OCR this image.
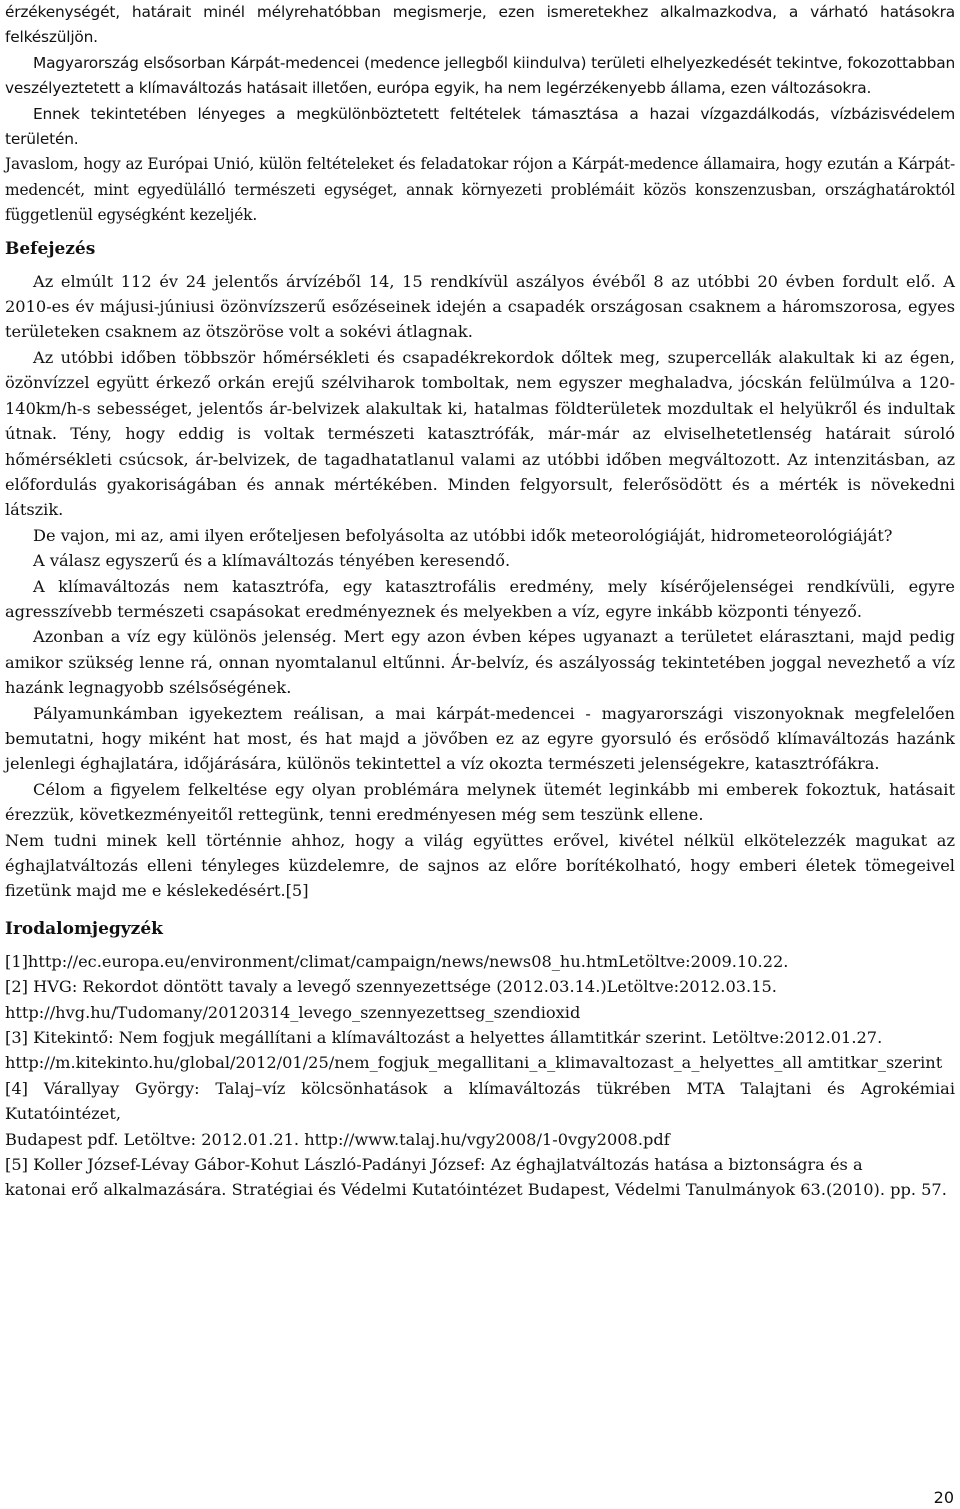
érzékenységét, határait minél mélyrehatóbban megismerje, ezen ismeretekhez alkalmazkodva, a várható hatásokra felkészüljön.

Magyarország elsősorban Kárpát-medencei (medence jellegből kiindulva) területi elhelyezkedését tekintve, fokozottabban veszélyeztetett a klímaváltozás hatásait illetően, európa egyik, ha nem legérzékenyebb állama, ezen változásokra.

Ennek tekintetében lényeges a megkülönböztetett feltételek támasztása a hazai vízgazdálkodás, vízbázisvédelem területén.

Javaslom, hogy az Európai Unió, külön feltételeket és feladatokar rójon a Kárpát-medence államaira, hogy ezután a Kárpát-medencét, mint egyedülálló természeti egységet, annak környezeti problémáit közös konszenzusban, országhatároktól függetlenül egységként kezeljék.

Befejezés

Az elmúlt 112 év 24 jelentős árvízéből 14, 15 rendkívül aszályos évéből 8 az utóbbi 20 évben fordult elő. A 2010-es év májusi-júniusi özönvízszerű esőzéseinek idején a csapadék országosan csaknem a háromszorosa, egyes területeken csaknem az ötszöröse volt a sokévi átlagnak.

Az utóbbi időben többször hőmérsékleti és csapadékrekordok dőltek meg, szupercellák alakultak ki az égen, özönvízzel együtt érkező orkán erejű szélviharok tomboltak, nem egyszer meghaladva, jócskán felülmúlva a 120-140km/h-s sebességet, jelentős ár-belvizek alakultak ki, hatalmas földterületek mozdultak el helyükről és indultak útnak. Tény, hogy eddig is voltak természeti katasztrófák, már-már az elviselhetetlenség határait súroló hőmérsékleti csúcsok, ár-belvizek, de tagadhatatlanul valami az utóbbi időben megváltozott. Az intenzitásban, az előfordulás gyakoriságában és annak mértékében. Minden felgyorsult, felerősödött és a mérték is növekedni látszik.

De vajon, mi az, ami ilyen erőteljesen befolyásolta az utóbbi idők meteorológiáját, hidrometeorológiáját?

A válasz egyszerű és a klímaváltozás tényében keresendő.

A klímaváltozás nem katasztrófa, egy katasztrofális eredmény, mely kísérőjelenségei rendkívüli, egyre agresszívebb természeti csapásokat eredményeznek és melyekben a víz, egyre inkább központi tényező.

Azonban a víz egy különös jelenség. Mert egy azon évben képes ugyanazt a területet elárasztani, majd pedig amikor szükség lenne rá, onnan nyomtalanul eltűnni. Ár-belvíz, és aszályosság tekintetében joggal nevezhető a víz hazánk legnagyobb szélsőségének.

Pályamunkámban igyekeztem reálisan, a mai kárpát-medencei - magyarországi viszonyoknak megfelelően bemutatni, hogy miként hat most, és hat majd a jövőben ez az egyre gyorsuló és erősödő klímaváltozás hazánk jelenlegi éghajlatára, időjárására, különös tekintettel a víz okozta természeti jelenségekre, katasztrófákra.

Célom a figyelem felkeltése egy olyan problémára melynek ütemét leginkább mi emberek fokoztuk, hatásait érezzük, következményeitől rettegünk, tenni eredményesen még sem teszünk ellene.

Nem tudni minek kell történnie ahhoz, hogy a világ együttes erővel, kivétel nélkül elkötelezzék magukat az éghajlatváltozás elleni tényleges küzdelemre, de sajnos az előre borítékolható, hogy emberi életek tömegeivel fizetünk majd me e késlekedésért.[5]

Irodalomjegyzék

[1]http://ec.europa.eu/environment/climat/campaign/news/news08_hu.htmLetöltve:2009.10.22.

[2] HVG: Rekordot döntött tavaly a levegő szennyezettsége (2012.03.14.)Letöltve:2012.03.15.

http://hvg.hu/Tudomany/20120314_levego_szennyezettseg_szendioxid

[3] Kitekintő: Nem fogjuk megállítani a klímaváltozást a helyettes államtitkár szerint. Letöltve:2012.01.27.

http://m.kitekinto.hu/global/2012/01/25/nem_fogjuk_megallitani_a_klimavaltozast_a_helyettes_all amtitkar_szerint

[4] Várallyay György: Talaj–víz kölcsönhatások a klímaváltozás tükrében MTA Talajtani és Agrokémiai Kutatóintézet,

Budapest pdf. Letöltve: 2012.01.21. http://www.talaj.hu/vgy2008/1-0vgy2008.pdf

[5] Koller József-Lévay Gábor-Kohut László-Padányi József: Az éghajlatváltozás hatása a biztonságra és a

katonai erő alkalmazására. Stratégiai és Védelmi Kutatóintézet Budapest, Védelmi Tanulmányok 63.(2010). pp. 57.

20
